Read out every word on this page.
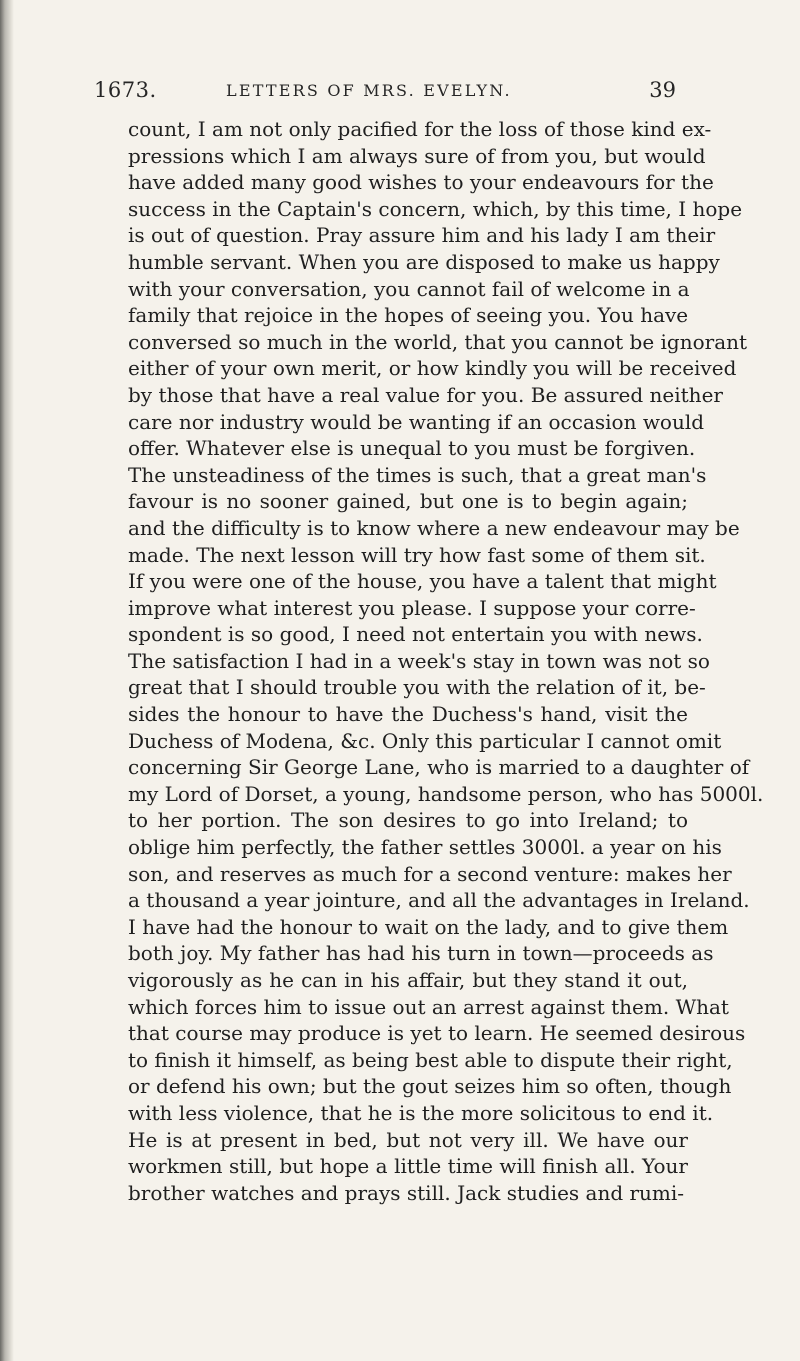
1673.	LETTERS OF MRS. EVELYN.	39
count, I am not only pacified for the loss of those kind ex-
pressions which I am always sure of from you, but would
have added many good wishes to your endeavours for the
success in the Captain's concern, which, by this time, I hope
is out of question. Pray assure him and his lady I am their
humble servant. When you are disposed to make us happy
with your conversation, you cannot fail of welcome in a
family that rejoice in the hopes of seeing you. You have
conversed so much in the world, that you cannot be ignorant
either of your own merit, or how kindly you will be received
by those that have a real value for you. Be assured neither
care nor industry would be wanting if an occasion would
offer. Whatever else is unequal to you must be forgiven.
The unsteadiness of the times is such, that a great man's
favour is no sooner gained, but one is to begin again;
and the difficulty is to know where a new endeavour may be
made. The next lesson will try how fast some of them sit.
If you were one of the house, you have a talent that might
improve what interest you please. I suppose your corre-
spondent is so good, I need not entertain you with news.
The satisfaction I had in a week's stay in town was not so
great that I should trouble you with the relation of it, be-
sides the honour to have the Duchess's hand, visit the
Duchess of Modena, &c. Only this particular I cannot omit
concerning Sir George Lane, who is married to a daughter of
my Lord of Dorset, a young, handsome person, who has 5000l.
to her portion. The son desires to go into Ireland; to
oblige him perfectly, the father settles 3000l. a year on his
son, and reserves as much for a second venture: makes her
a thousand a year jointure, and all the advantages in Ireland.
I have had the honour to wait on the lady, and to give them
both joy. My father has had his turn in town—proceeds as
vigorously as he can in his affair, but they stand it out,
which forces him to issue out an arrest against them. What
that course may produce is yet to learn. He seemed desirous
to finish it himself, as being best able to dispute their right,
or defend his own; but the gout seizes him so often, though
with less violence, that he is the more solicitous to end it.
He is at present in bed, but not very ill. We have our
workmen still, but hope a little time will finish all. Your
brother watches and prays still. Jack studies and rumi-
